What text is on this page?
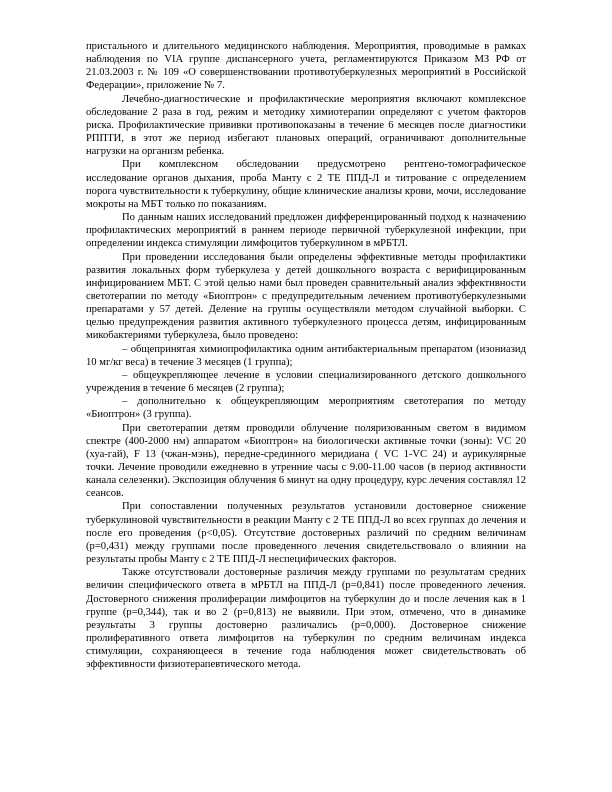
пристального и длительного медицинского наблюдения. Мероприятия, проводимые в рамках наблюдения по VIA группе диспансерного учета, регламентируются Приказом МЗ РФ от 21.03.2003 г. № 109 «О совершенствовании противотуберкулезных мероприятий в Российской Федерации», приложение № 7.

Лечебно-диагностические и профилактические мероприятия включают комплексное обследование 2 раза в год, режим и методику химиотерапии определяют с учетом факторов риска. Профилактические прививки противопоказаны в течение 6 месяцев после диагностики РППТИ, в этот же период избегают плановых операций, ограничивают дополнительные нагрузки на организм ребенка.

При комплексном обследовании предусмотрено рентгено-томографическое исследование органов дыхания, проба Манту с 2 ТЕ ППД-Л и титрование с определением порога чувствительности к туберкулину, общие клинические анализы крови, мочи, исследование мокроты на МБТ только по показаниям.

По данным наших исследований предложен дифференцированный подход к назначению профилактических мероприятий в раннем периоде первичной туберкулезной инфекции, при определении индекса стимуляции лимфоцитов туберкулином в мРБТЛ.

При проведении исследования были определены эффективные методы профилактики развития локальных форм туберкулеза у детей дошкольного возраста с верифицированным инфицированием МБТ. С этой целью нами был проведен сравнительный анализ эффективности светотерапии по методу «Биоптрон» с предупредительным лечением противотуберкулезными препаратами у 57 детей. Деление на группы осуществляли методом случайной выборки. С целью предупреждения развития активного туберкулезного процесса детям, инфицированным микобактериями туберкулеза, было проведено:

– общепринятая химиопрофилактика одним антибактериальным препаратом (изониазид 10 мг/кг веса) в течение 3 месяцев (1 группа);

– общеукрепляющее лечение в условии специализированного детского дошкольного учреждения в течение 6 месяцев (2 группа);

– дополнительно к общеукрепляющим мероприятиям светотерапия по методу «Биоптрон» (3 группа).

При светотерапии детям проводили облучение поляризованным светом в видимом спектре (400-2000 нм) аппаратом «Биоптрон» на биологически активные точки (зоны): VC 20 (хуа-гай), F 13 (чжан-мэнь), передне-срединного меридиана ( VC 1-VC 24) и аурикулярные точки. Лечение проводили ежедневно в утренние часы с 9.00-11.00 часов (в период активности канала селезенки). Экспозиция облучения 6 минут на одну процедуру, курс лечения составлял 12 сеансов.

При сопоставлении полученных результатов установили достоверное снижение туберкулиновой чувствительности в реакции Манту с 2 ТЕ ППД-Л во всех группах до лечения и после его проведения (p<0,05). Отсутствие достоверных различий по средним величинам (p=0,431) между группами после проведенного лечения свидетельствовало о влиянии на результаты пробы Манту с 2 ТЕ ППД-Л неспецифических факторов.

Также отсутствовали достоверные различия между группами по результатам средних величин специфического ответа в мРБТЛ на ППД-Л (p=0,841) после проведенного лечения. Достоверного снижения пролиферации лимфоцитов на туберкулин до и после лечения как в 1 группе (p=0,344), так и во 2 (p=0,813) не выявили. При этом, отмечено, что в динамике результаты 3 группы достоверно различались (p=0,000). Достоверное снижение пролиферативного ответа лимфоцитов на туберкулин по средним величинам индекса стимуляции, сохраняющееся в течение года наблюдения может свидетельствовать об эффективности физиотерапевтического метода.
